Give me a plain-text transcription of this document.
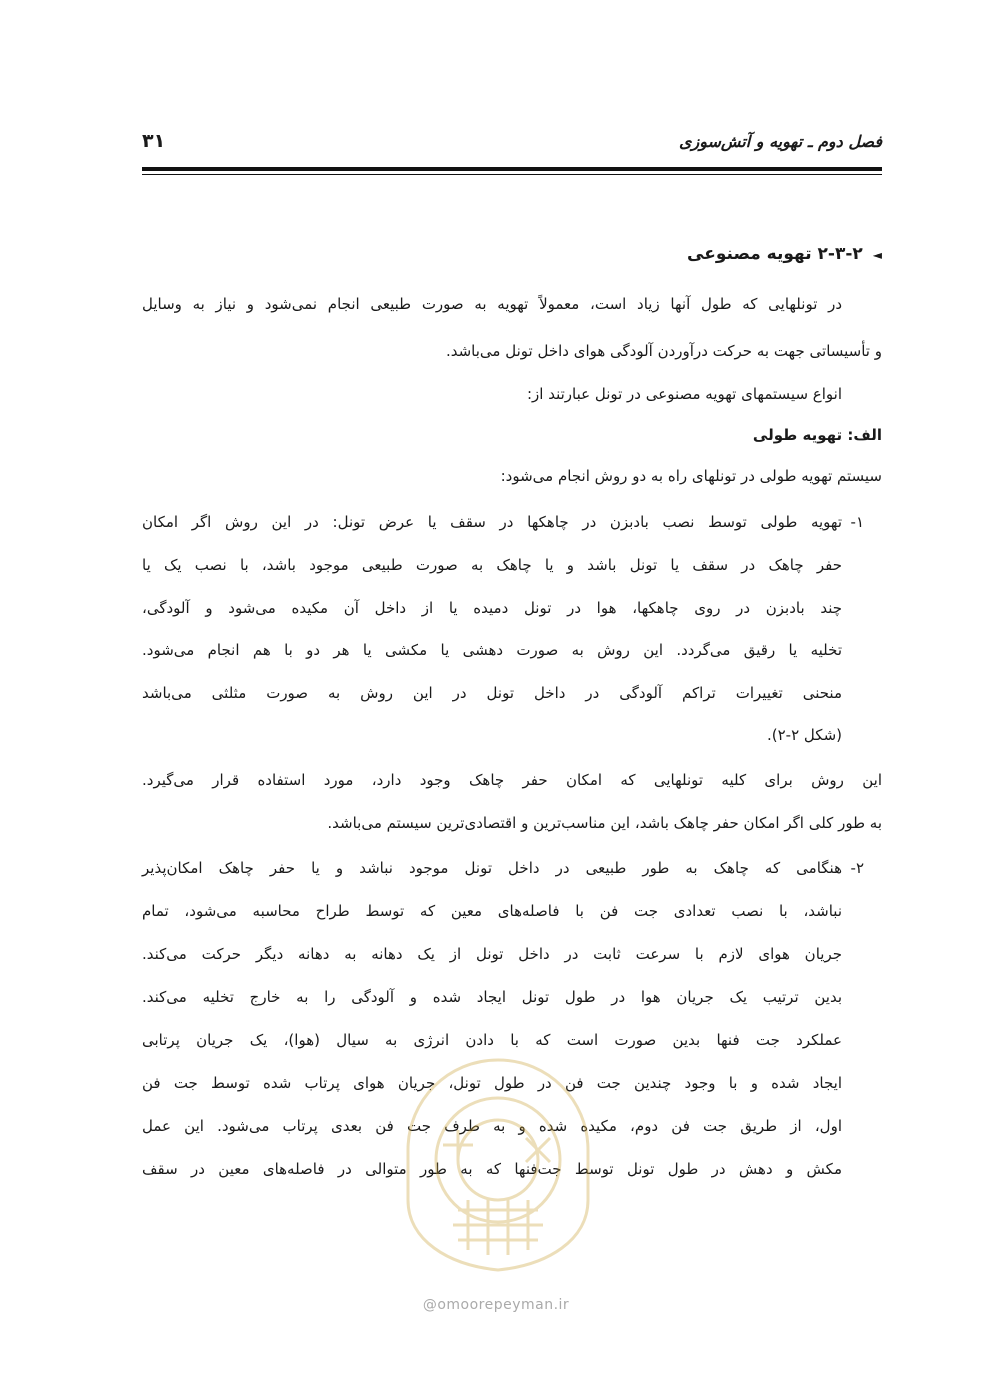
فصل دوم ـ تهویه و آتش‌سوزی
۳۱
◄۲-۳-۲ تهویه مصنوعی
در تونلهایی که طول آنها زیاد است، معمولاً تهویه به صورت طبیعی انجام نمی‌شود و نیاز به وسایل
و تأسیساتی جهت به حرکت درآوردن آلودگی هوای داخل تونل می‌باشد.
انواع سیستمهای تهویه مصنوعی در تونل عبارتند از:
الف: تهویه طولی
سیستم تهویه طولی در تونلهای راه به دو روش انجام می‌شود:
۱-
تهویه طولی توسط نصب بادبزن در چاهکها در سقف یا عرض تونل: در این روش اگر امکان
حفر چاهک در سقف یا تونل باشد و یا چاهک به صورت طبیعی موجود باشد، با نصب یک یا
چند بادبزن در روی چاهکها، هوا در تونل دمیده یا از داخل آن مکیده می‌شود و آلودگی،
تخلیه یا رقیق می‌گردد. این روش به صورت دهشی یا مکشی یا هر دو با هم انجام می‌شود.
منحنی تغییرات تراکم آلودگی در داخل تونل در این روش به صورت مثلثی می‌باشد
(شکل ۲-۲).
این روش برای کلیه تونلهایی که امکان حفر چاهک وجود دارد، مورد استفاده قرار می‌گیرد.
به طور کلی اگر امکان حفر چاهک باشد، این مناسب‌ترین و اقتصادی‌ترین سیستم می‌باشد.
۲-
هنگامی که چاهک به طور طبیعی در داخل تونل موجود نباشد و یا حفر چاهک امکان‌پذیر
نباشد، با نصب تعدادی جت فن با فاصله‌های معین که توسط طراح محاسبه می‌شود، تمام
جریان هوای لازم با سرعت ثابت در داخل تونل از یک دهانه به دهانه دیگر حرکت می‌کند.
بدین ترتیب یک جریان هوا در طول تونل ایجاد شده و آلودگی را به خارج تخلیه می‌کند.
عملکرد جت فنها بدین صورت است که با دادن انرژی به سیال (هوا)، یک جریان پرتابی
ایجاد شده و با وجود چندین جت فن در طول تونل، جریان هوای پرتاب شده توسط جت فن
اول، از طریق جت فن دوم، مکیده شده و به طرف جت فن بعدی پرتاب می‌شود. این عمل
مکش و دهش در طول تونل توسط جت‌فنها که به طور متوالی در فاصله‌های معین در سقف
@omoorepeyman.ir
